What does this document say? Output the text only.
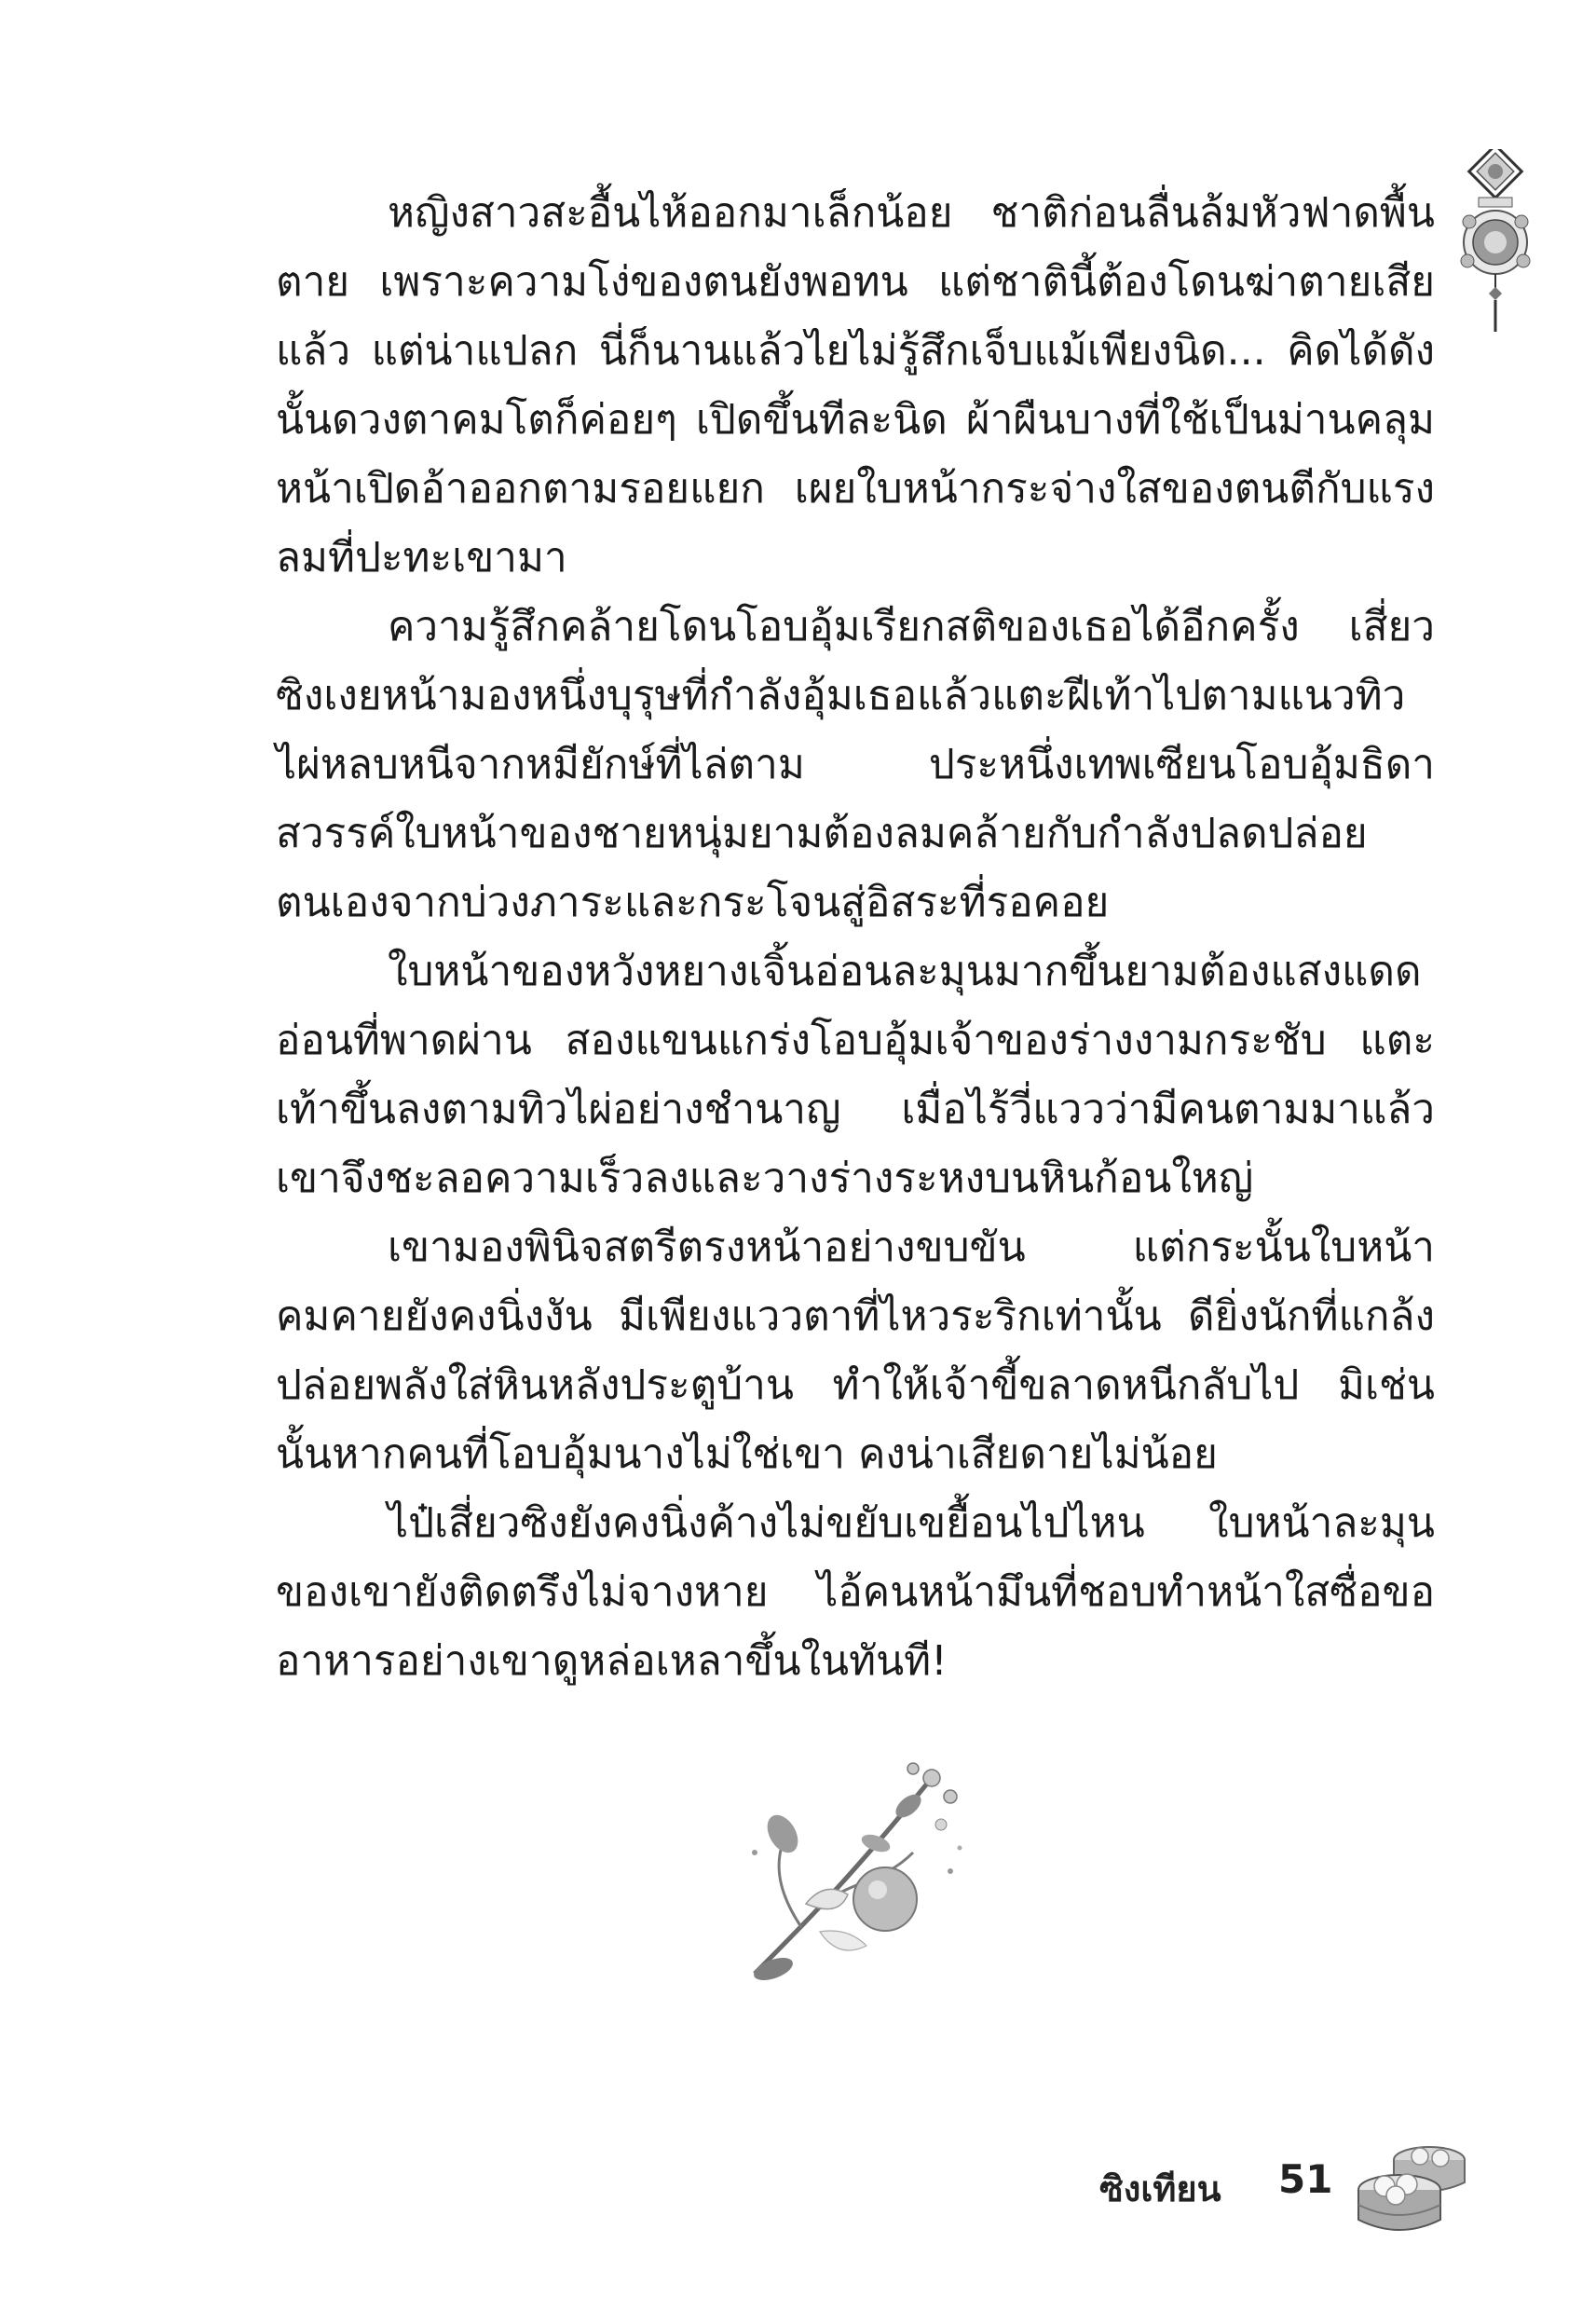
หญิงสาวสะอื้นไห้ออกมาเล็กน้อย ชาติก่อนลื่นล้มหัวฟาดพื้นตาย เพราะความโง่ของตนยังพอทน แต่ชาตินี้ต้องโดนฆ่าตายเสียแล้ว แต่น่าแปลก นี่ก็นานแล้วไยไม่รู้สึกเจ็บแม้เพียงนิด... คิดได้ดังนั้นดวงตาคมโตก็ค่อยๆ เปิดขึ้นทีละนิด ผ้าผืนบางที่ใช้เป็นม่านคลุมหน้าเปิดอ้าออกตามรอยแยก เผยใบหน้ากระจ่างใสของตนตีกับแรงลมที่ปะทะเขามา

ความรู้สึกคล้ายโดนโอบอุ้มเรียกสติของเธอได้อีกครั้ง เสี่ยวซิงเงยหน้ามองหนึ่งบุรุษที่กำลังอุ้มเธอแล้วแตะฝีเท้าไปตามแนวทิวไผ่หลบหนีจากหมียักษ์ที่ไล่ตาม ประหนึ่งเทพเซียนโอบอุ้มธิดาสวรรค์ใบหน้าของชายหนุ่มยามต้องลมคล้ายกับกำลังปลดปล่อยตนเองจากบ่วงภาระและกระโจนสู่อิสระที่รอคอย

ใบหน้าของหวังหยางเจิ้นอ่อนละมุนมากขึ้นยามต้องแสงแดดอ่อนที่พาดผ่าน สองแขนแกร่งโอบอุ้มเจ้าของร่างงามกระชับ แตะเท้าขึ้นลงตามทิวไผ่อย่างชำนาญ เมื่อไร้วี่แววว่ามีคนตามมาแล้ว เขาจึงชะลอความเร็วลงและวางร่างระหงบนหินก้อนใหญ่

เขามองพินิจสตรีตรงหน้าอย่างขบขัน แต่กระนั้นใบหน้าคมคายยังคงนิ่งงัน มีเพียงแววตาที่ไหวระริกเท่านั้น ดียิ่งนักที่แกล้งปล่อยพลังใส่หินหลังประตูบ้าน ทำให้เจ้าขี้ขลาดหนีกลับไป มิเช่นนั้นหากคนที่โอบอุ้มนางไม่ใช่เขา คงน่าเสียดายไม่น้อย

ไป๋เสี่ยวซิงยังคงนิ่งค้างไม่ขยับเขยื้อนไปไหน ใบหน้าละมุนของเขายังติดตรึงไม่จางหาย ไอ้คนหน้ามึนที่ชอบทำหน้าใสซื่อขออาหารอย่างเขาดูหล่อเหลาขึ้นในทันที!

ซิงเทียน 51
